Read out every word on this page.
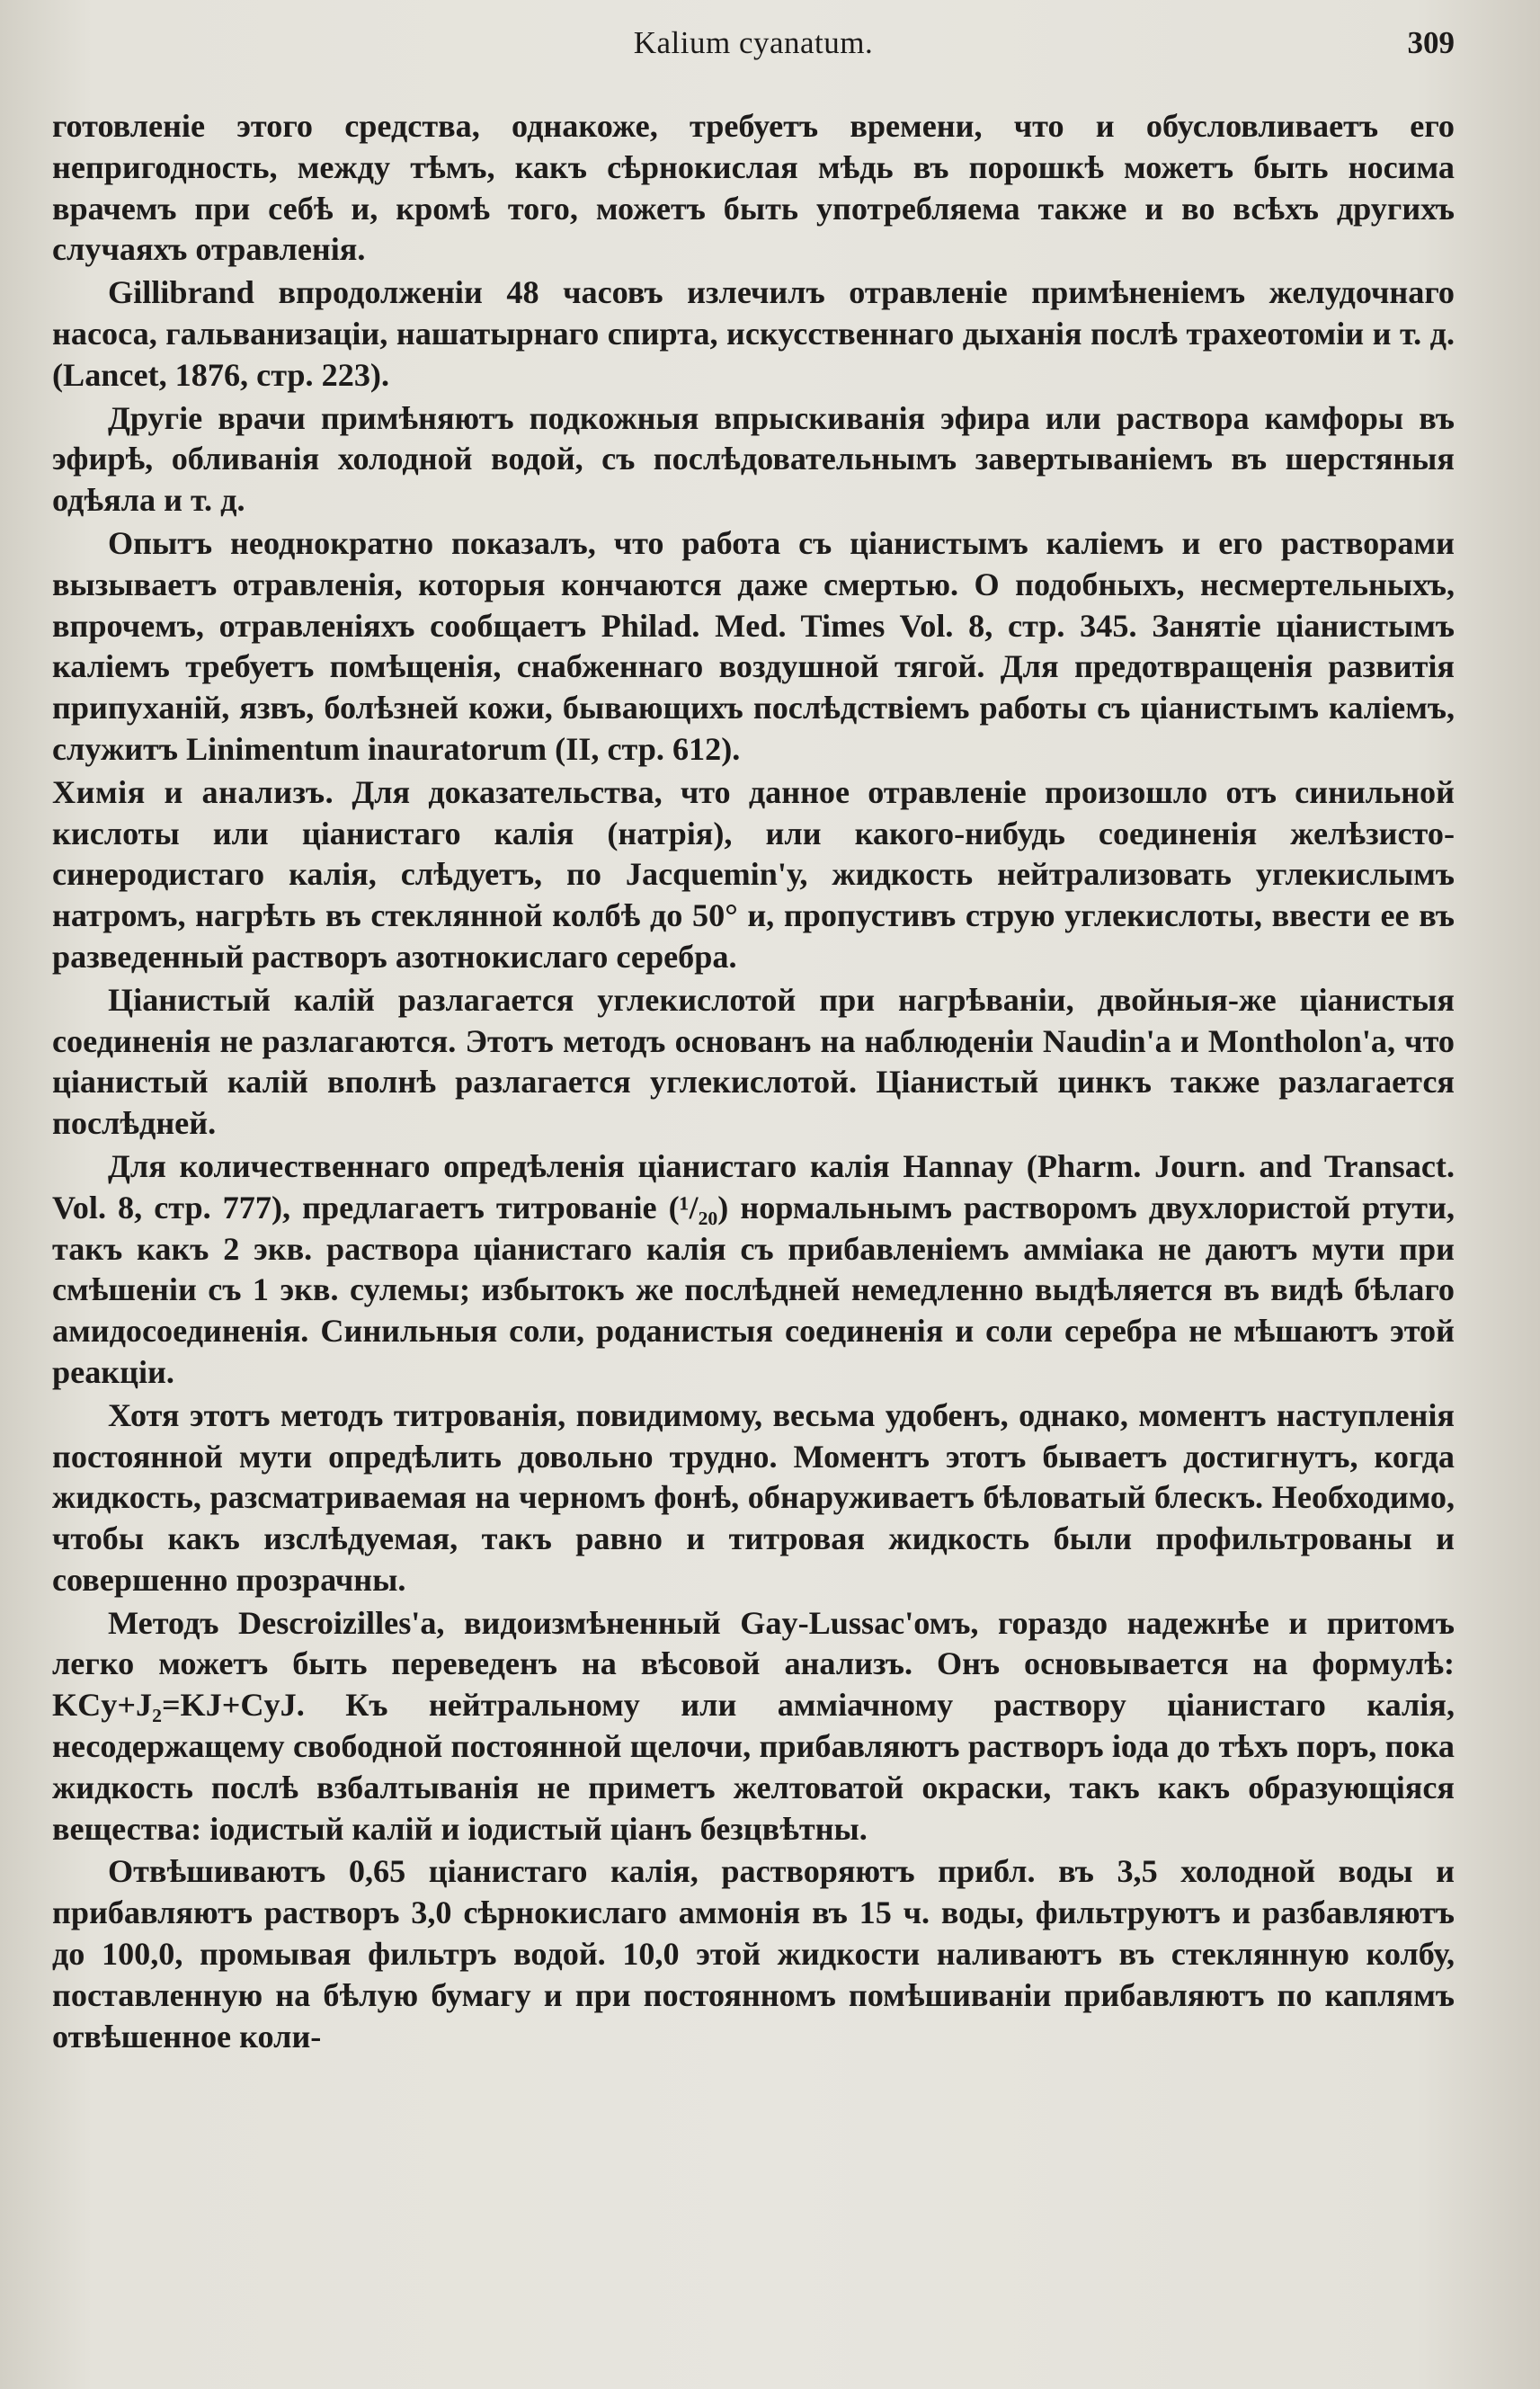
Kalium cyanatum.	309

готовленіе этого средства, однакоже, требуетъ времени, что и обусловливаетъ его непригодность, между тѣмъ, какъ сѣрнокислая мѣдь въ порошкѣ можетъ быть носима врачемъ при себѣ и, кромѣ того, можетъ быть употребляема также и во всѣхъ другихъ случаяхъ отравленія.

Gillibrand впродолженіи 48 часовъ излечилъ отравленіе примѣненіемъ желудочнаго насоса, гальванизаціи, нашатырнаго спирта, искусственнаго дыханія послѣ трахеотоміи и т. д. (Lancet, 1876, стр. 223).

Другіе врачи примѣняютъ подкожныя впрыскиванія эфира или раствора камфоры въ эфирѣ, обливанія холодной водой, съ послѣдовательнымъ завертываніемъ въ шерстяныя одѣяла и т. д.

Опытъ неоднократно показалъ, что работа съ ціанистымъ каліемъ и его растворами вызываетъ отравленія, которыя кончаются даже смертью. О подобныхъ, несмертельныхъ, впрочемъ, отравленіяхъ сообщаетъ Philad. Med. Times Vol. 8, стр. 345. Занятіе ціанистымъ каліемъ требуетъ помѣщенія, снабженнаго воздушной тягой. Для предотвращенія развитія припуханій, язвъ, болѣзней кожи, бывающихъ послѣдствіемъ работы съ ціанистымъ каліемъ, служитъ Linimentum inauratorum (II, стр. 612).

Химія и анализъ. Для доказательства, что данное отравленіе произошло отъ синильной кислоты или ціанистаго калія (натрія), или какого-нибудь соединенія желѣзисто-синеродистаго калія, слѣдуетъ, по Jacquemin'у, жидкость нейтрализовать углекислымъ натромъ, нагрѣть въ стеклянной колбѣ до 50° и, пропустивъ струю углекислоты, ввести ее въ разведенный растворъ азотнокислаго серебра.

Ціанистый калій разлагается углекислотой при нагрѣваніи, двойныя-же ціанистыя соединенія не разлагаются. Этотъ методъ основанъ на наблюденіи Naudin'а и Montholon'а, что ціанистый калій вполнѣ разлагается углекислотой. Ціанистый цинкъ также разлагается послѣдней.

Для количественнаго опредѣленія ціанистаго калія Hannay (Pharm. Journ. and Transact. Vol. 8, стр. 777), предлагаетъ титрованіе (¹/₂₀) нормальнымъ растворомъ двухлористой ртути, такъ какъ 2 экв. раствора ціанистаго калія съ прибавленіемъ амміака не даютъ мути при смѣшеніи съ 1 экв. сулемы; избытокъ же послѣдней немедленно выдѣляется въ видѣ бѣлаго амидосоединенія. Синильныя соли, роданистыя соединенія и соли серебра не мѣшаютъ этой реакціи.

Хотя этотъ методъ титрованія, повидимому, весьма удобенъ, однако, моментъ наступленія постоянной мути опредѣлить довольно трудно. Моментъ этотъ бываетъ достигнутъ, когда жидкость, разсматриваемая на черномъ фонѣ, обнаруживаетъ бѣловатый блескъ. Необходимо, чтобы какъ изслѣдуемая, такъ равно и титровая жидкость были профильтрованы и совершенно прозрачны.

Методъ Descroizilles'а, видоизмѣненный Gay-Lussac'омъ, гораздо надежнѣе и притомъ легко можетъ быть переведенъ на вѣсовой анализъ. Онъ основывается на формулѣ: KCy+J₂=KJ+CyJ. Къ нейтральному или аммiачному раствору ціанистаго калія, несодержащему свободной постоянной щелочи, прибавляютъ растворъ іода до тѣхъ поръ, пока жидкость послѣ взбалтыванія не приметъ желтоватой окраски, такъ какъ образующіяся вещества: іодистый калій и іодистый ціанъ безцвѣтны.

Отвѣшиваютъ 0,65 ціанистаго калія, растворяютъ прибл. въ 3,5 холодной воды и прибавляютъ растворъ 3,0 сѣрнокислаго аммонія въ 15 ч. воды, фильтруютъ и разбавляютъ до 100,0, промывая фильтръ водой. 10,0 этой жидкости наливаютъ въ стеклянную колбу, поставленную на бѣлую бумагу и при постоянномъ помѣшиваніи прибавляютъ по каплямъ отвѣшенное коли-
